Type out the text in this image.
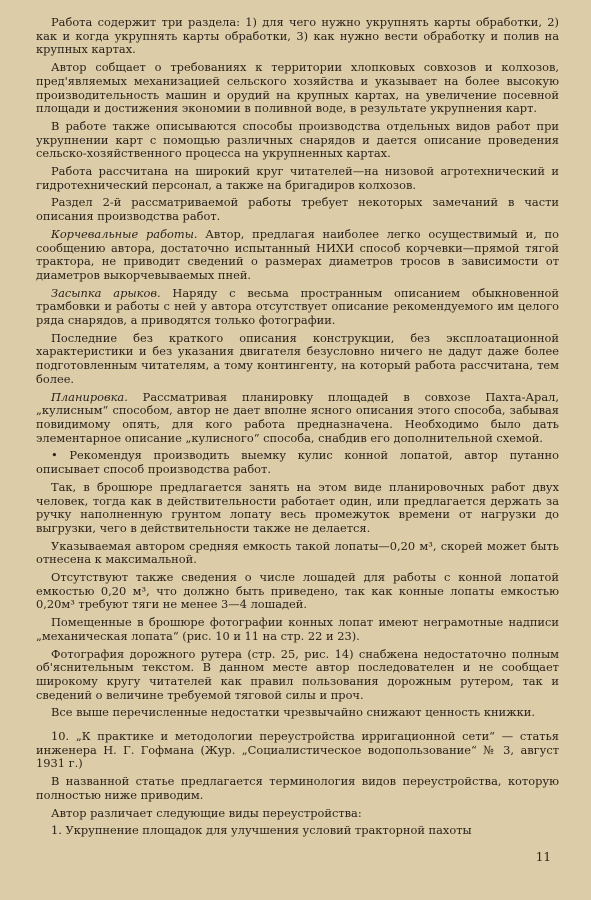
Работа содержит три раздела: 1) для чего нужно укрупнять карты обработки, 2) как и когда укрупнять карты обработки, 3) как нужно вести обработку и полив на крупных картах.

Автор собщает о требованиях к территории хлопковых совхозов и колхозов, пред'являемых механизацией сельского хозяйства и указывает на более высокую производительность машин и орудий на крупных картах, на увеличение посевной площади и достижения экономии в поливной воде, в результате укрупнения карт.

В работе также описываются способы производства отдельных видов работ при укрупнении карт с помощью различных снарядов и дается описание проведения сельско-хозяйственного процесса на укрупненных картах.

Работа рассчитана на широкий круг читателей—на низовой агротехнический и гидротехнический персонал, а также на бригадиров колхозов.

Раздел 2-й рассматриваемой работы требует некоторых замечаний в части описания производства работ.

Корчевальные работы. Автор, предлагая наиболее легко осуществимый и, по сообщению автора, достаточно испытанный НИХИ способ корчевки—прямой тягой трактора, не приводит сведений о размерах диаметров тросов в зависимости от диаметров выкорчевываемых пней.

Засыпка арыков. Наряду с весьма пространным описанием обыкновенной трамбовки и работы с ней у автора отсутствует описание рекомендуемого им целого ряда снарядов, а приводятся только фотографии.

Последние без краткого описания конструкции, без эксплоатационной характеристики и без указания двигателя безусловно ничего не дадут даже более подготовленным читателям, а тому контингенту, на который работа рассчитана, тем более.

Планировка. Рассматривая планировку площадей в совхозе Пахта-Арал, „кулисным“ способом, автор не дает вполне ясного описания этого способа, забывая повидимому опять, для кого работа предназначена. Необходимо было дать элементарное описание „кулисного“ способа, снабдив его дополнительной схемой.

• Рекомендуя производить выемку кулис конной лопатой, автор путанно описывает способ производства работ.

Так, в брошюре предлагается занять на этом виде планировочных работ двух человек, тогда как в действительности работает один, или предлагается держать за ручку наполненную грунтом лопату весь промежуток времени от нагрузки до выгрузки, чего в действительности также не делается.

Указываемая автором средняя емкость такой лопаты—0,20 м³, скорей может быть отнесена к максимальной.

Отсутствуют также сведения о числе лошадей для работы с конной лопатой емкостью 0,20 м³, что должно быть приведено, так как конные лопаты емкостью 0,20м³ требуют тяги не менее 3—4 лошадей.

Помещенные в брошюре фотографии конных лопат имеют неграмотные надписи „механическая лопата“ (рис. 10 и 11 на стр. 22 и 23).

Фотография дорожного рутера (стр. 25, рис. 14) снабжена недостаточно полным об'яснительным текстом. В данном месте автор последователен и не сообщает широкому кругу читателей как правил пользования дорожным рутером, так и сведений о величине требуемой тяговой силы и проч.

Все выше перечисленные недостатки чрезвычайно снижают ценность книжки.

10. „К практике и методологии переустройства ирригационной сети“ — статья инженера Н. Г. Гофмана (Жур. „Социалистическое водопользование“ № 3, август 1931 г.)

В названной статье предлагается терминология видов переустройства, которую полностью ниже приводим.

Автор различает следующие виды переустройства:

1. Укрупнение площадок для улучшения условий тракторной пахоты

11
